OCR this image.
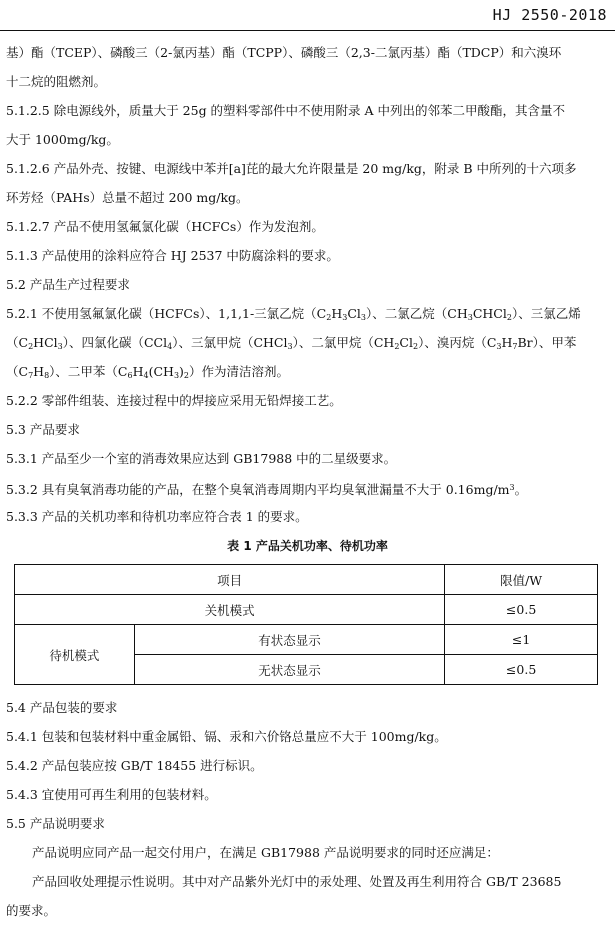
HJ 2550-2018
基）酯（TCEP）、磷酸三（2-氯丙基）酯（TCPP）、磷酸三（2,3-二氯丙基）酯（TDCP）和六溴环
十二烷的阻燃剂。
5.1.2.5 除电源线外，质量大于 25g 的塑料零部件中不使用附录 A 中列出的邻苯二甲酸酯，其含量不
大于 1000mg/kg。
5.1.2.6 产品外壳、按键、电源线中苯并[a]芘的最大允许限量是 20 mg/kg，附录 B 中所列的十六项多
环芳烃（PAHs）总量不超过 200 mg/kg。
5.1.2.7 产品不使用氢氟氯化碳（HCFCs）作为发泡剂。
5.1.3 产品使用的涂料应符合 HJ 2537 中防腐涂料的要求。
5.2 产品生产过程要求
5.2.1 不使用氢氟氯化碳（HCFCs）、1,1,1-三氯乙烷$(C_2H_3Cl_3)$、二氯乙烷$(CH_3CHCl_2)$、三氯乙烯
$(C_2HCl_3)$、四氯化碳（CCl$_4$）、三氯甲烷（CHCl$_3$）、二氯甲烷$(CH_2Cl_2)$、溴丙烷$(C_3H_7Br)$、甲苯
$(C_7H_8)$、二甲苯$(C_6H_4(CH_3)_2)$作为清洁溶剂。
5.2.2 零部件组装、连接过程中的焊接应采用无铅焊接工艺。
5.3 产品要求
5.3.1 产品至少一个室的消毒效果应达到 GB17988 中的二星级要求。
5.3.2 具有臭氧消毒功能的产品，在整个臭氧消毒周期内平均臭氧泄漏量不大于 $0.16mg/m^3$。
5.3.3 产品的关机功率和待机功率应符合表 1 的要求。
表 1 产品关机功率、待机功率
项目		限值/W
关机模式		≤0.5
待机模式	有状态显示	≤1
	无状态显示	≤0.5
5.4 产品包装的要求
5.4.1 包装和包装材料中重金属铅、镉、汞和六价铬总量应不大于 100mg/kg。
5.4.2 产品包装应按 GB/T 18455 进行标识。
5.4.3 宜使用可再生利用的包装材料。
5.5 产品说明要求
产品说明应同产品一起交付用户，在满足 GB17988 产品说明要求的同时还应满足：
产品回收处理提示性说明。其中对产品紫外光灯中的汞处理、处置及再生利用符合 GB/T 23685
的要求。
